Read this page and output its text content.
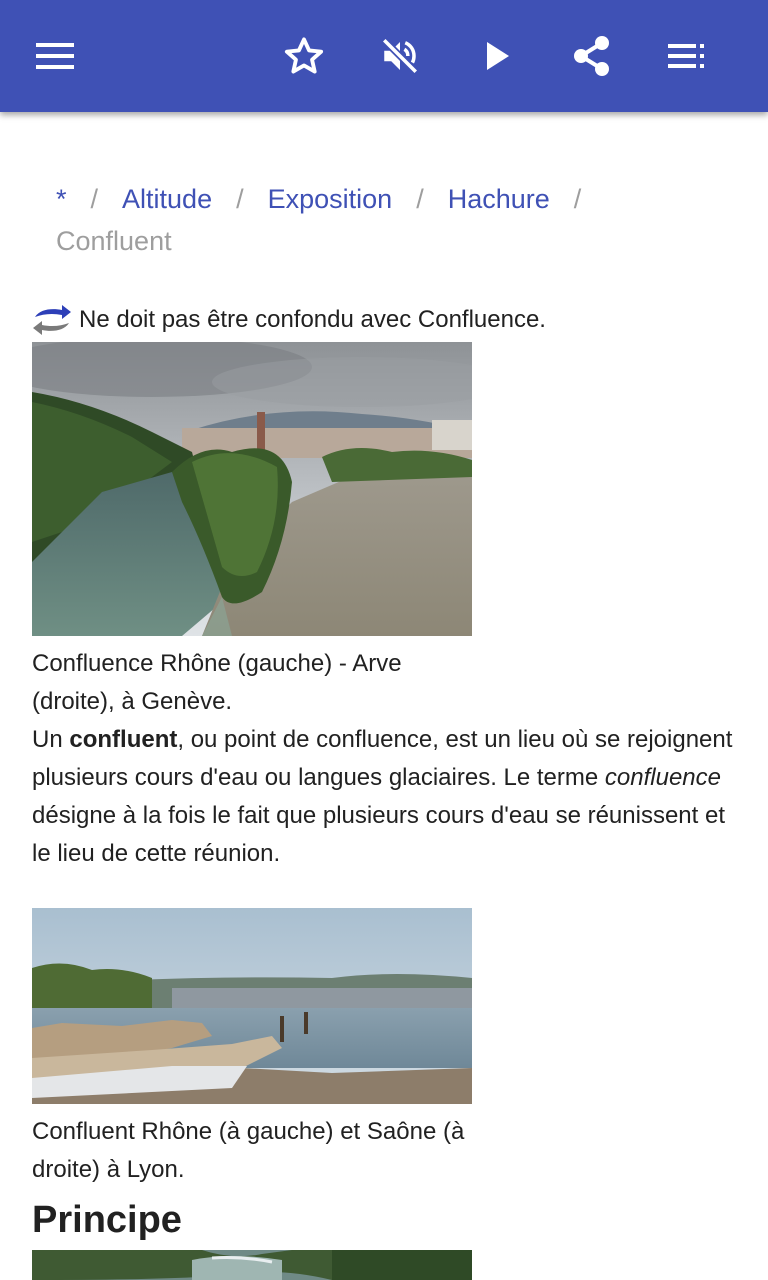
* / Altitude / Exposition / Hachure /
Confluent
Ne doit pas être confondu avec Confluence.
Confluence Rhône (gauche) - Arve (droite), à Genève.

Un confluent, ou point de confluence, est un lieu où se rejoignent plusieurs cours d'eau ou langues glaciaires. Le terme confluence désigne à la fois le fait que plusieurs cours d'eau se réunissent et le lieu de cette réunion.

Confluent Rhône (à gauche) et Saône (à droite) à Lyon.
Principe
